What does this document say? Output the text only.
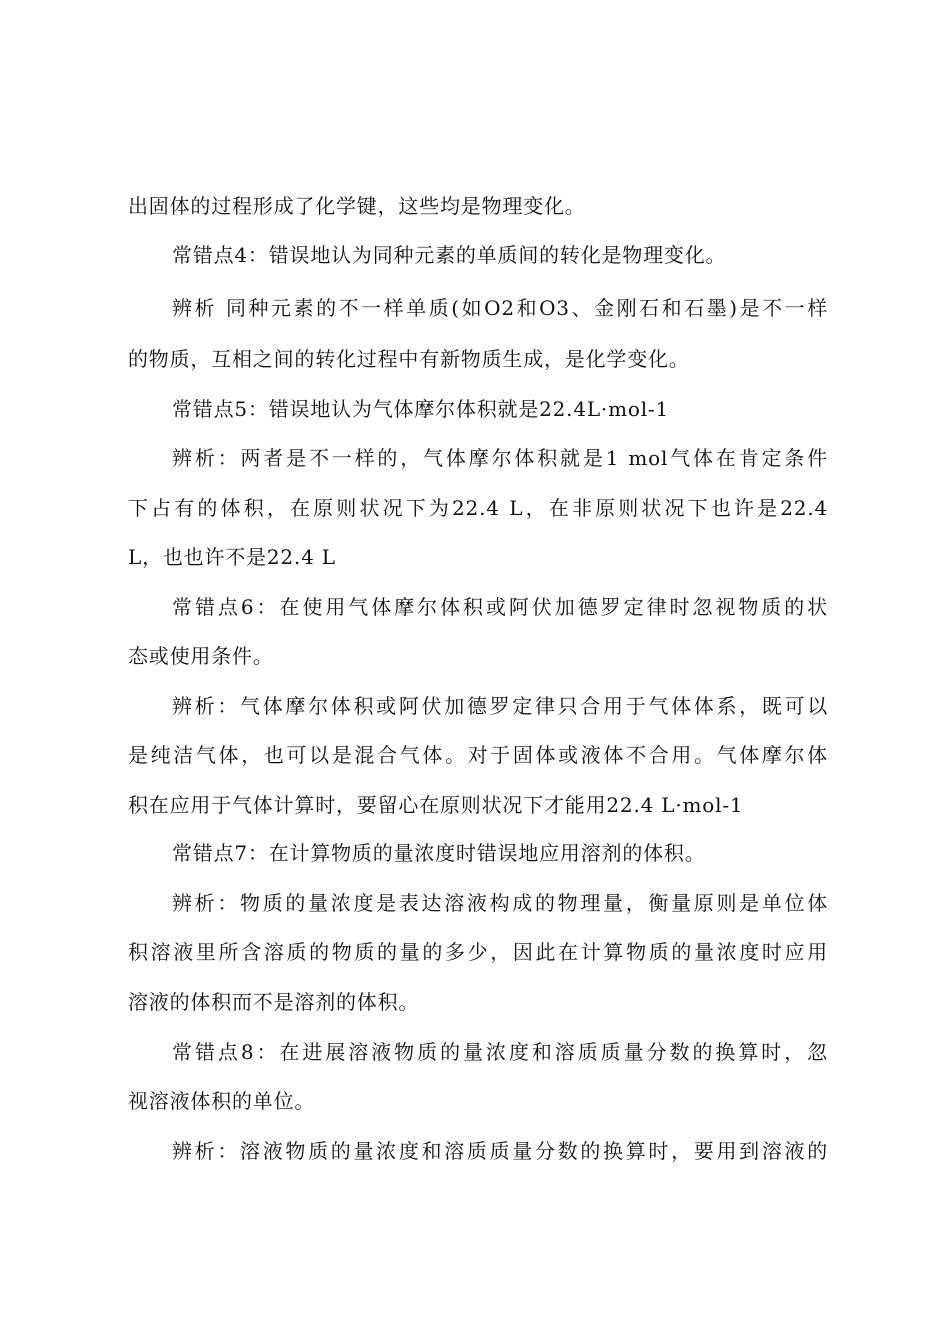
出固体的过程形成了化学键，这些均是物理变化。
常错点4：错误地认为同种元素的单质间的转化是物理变化。
辨析 同种元素的不一样单质(如O2和O3、金刚石和石墨)是不一样
的物质，互相之间的转化过程中有新物质生成，是化学变化。
常错点5：错误地认为气体摩尔体积就是22.4L·mol-1
辨析：两者是不一样的，气体摩尔体积就是1 mol气体在肯定条件
下占有的体积，在原则状况下为22.4 L，在非原则状况下也许是22.4
L，也也许不是22.4 L
常错点6：在使用气体摩尔体积或阿伏加德罗定律时忽视物质的状
态或使用条件。
辨析：气体摩尔体积或阿伏加德罗定律只合用于气体体系，既可以
是纯洁气体，也可以是混合气体。对于固体或液体不合用。气体摩尔体
积在应用于气体计算时，要留心在原则状况下才能用22.4 L·mol-1
常错点7：在计算物质的量浓度时错误地应用溶剂的体积。
辨析：物质的量浓度是表达溶液构成的物理量，衡量原则是单位体
积溶液里所含溶质的物质的量的多少，因此在计算物质的量浓度时应用
溶液的体积而不是溶剂的体积。
常错点8：在进展溶液物质的量浓度和溶质质量分数的换算时，忽
视溶液体积的单位。
辨析：溶液物质的量浓度和溶质质量分数的换算时，要用到溶液的
